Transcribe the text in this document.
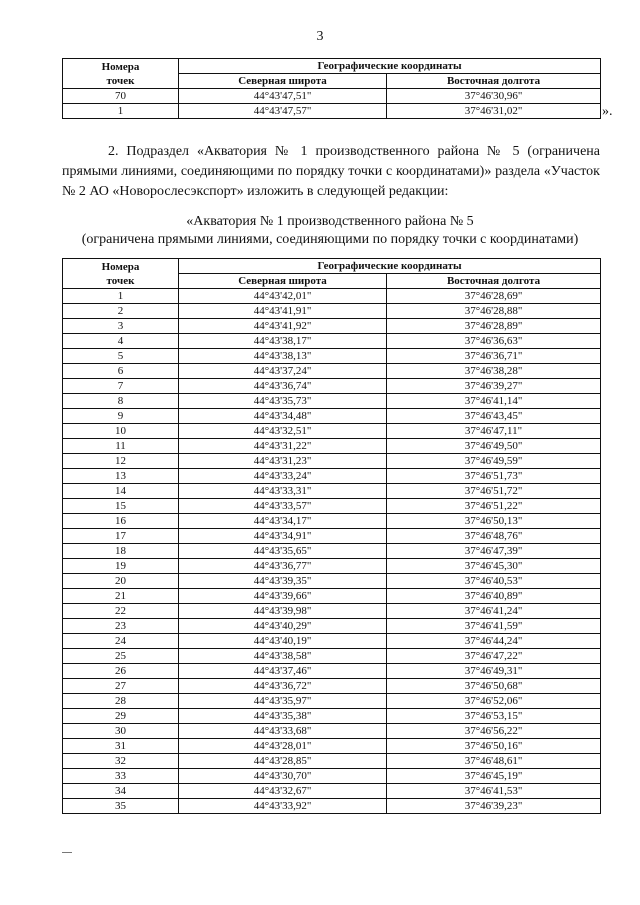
3
Номера
точек	Географические координаты	
	Северная широта	Восточная долгота
70	44°43'47,51"	37°46'30,96"
1	44°43'47,57"	37°46'31,02"	».
2. Подраздел «Акватория № 1 производственного района № 5 (ограничена прямыми линиями, соединяющими по порядку точки с координатами)» раздела «Участок № 2 АО «Новорослесэкспорт» изложить в следующей редакции:
«Акватория № 1 производственного района № 5
(ограничена прямыми линиями, соединяющими по порядку точки с координатами)
Номера
точек	Географические координаты	
	Северная широта	Восточная долгота
1	44°43'42,01"	37°46'28,69"
2	44°43'41,91"	37°46'28,88"
3	44°43'41,92"	37°46'28,89"
4	44°43'38,17"	37°46'36,63"
5	44°43'38,13"	37°46'36,71"
6	44°43'37,24"	37°46'38,28"
7	44°43'36,74"	37°46'39,27"
8	44°43'35,73"	37°46'41,14"
9	44°43'34,48"	37°46'43,45"
10	44°43'32,51"	37°46'47,11"
11	44°43'31,22"	37°46'49,50"
12	44°43'31,23"	37°46'49,59"
13	44°43'33,24"	37°46'51,73"
14	44°43'33,31"	37°46'51,72"
15	44°43'33,57"	37°46'51,22"
16	44°43'34,17"	37°46'50,13"
17	44°43'34,91"	37°46'48,76"
18	44°43'35,65"	37°46'47,39"
19	44°43'36,77"	37°46'45,30"
20	44°43'39,35"	37°46'40,53"
21	44°43'39,66"	37°46'40,89"
22	44°43'39,98"	37°46'41,24"
23	44°43'40,29"	37°46'41,59"
24	44°43'40,19"	37°46'44,24"
25	44°43'38,58"	37°46'47,22"
26	44°43'37,46"	37°46'49,31"
27	44°43'36,72"	37°46'50,68"
28	44°43'35,97"	37°46'52,06"
29	44°43'35,38"	37°46'53,15"
30	44°43'33,68"	37°46'56,22"
31	44°43'28,01"	37°46'50,16"
32	44°43'28,85"	37°46'48,61"
33	44°43'30,70"	37°46'45,19"
34	44°43'32,67"	37°46'41,53"
35	44°43'33,92"	37°46'39,23"
